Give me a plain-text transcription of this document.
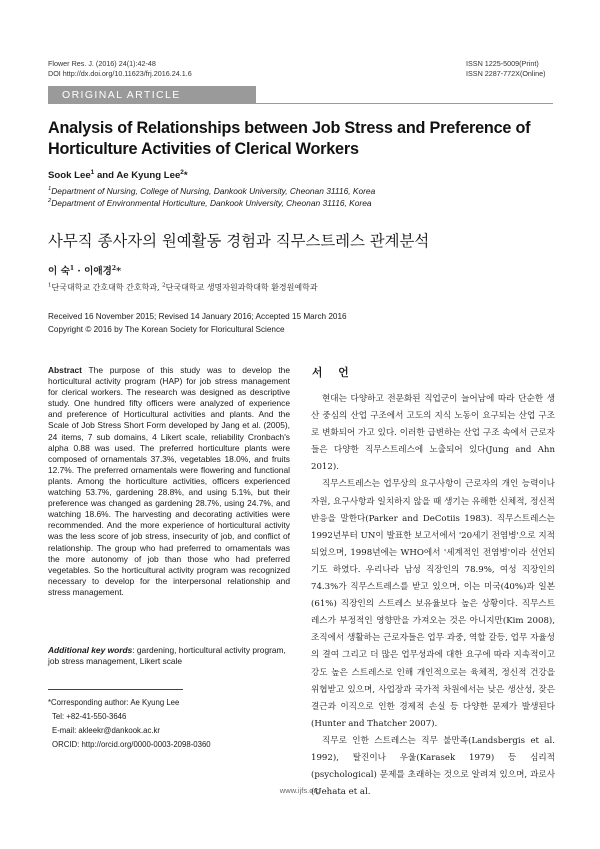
Flower Res. J. (2016) 24(1):42-48
DOI http://dx.doi.org/10.11623/frj.2016.24.1.6
ISSN 1225-5009(Print)
ISSN 2287-772X(Online)
ORIGINAL ARTICLE
Analysis of Relationships between Job Stress and Preference of Horticulture Activities of Clerical Workers
Sook Lee$^1$ and Ae Kyung Lee$^2$*
$^1$Department of Nursing, College of Nursing, Dankook University, Cheonan 31116, Korea
$^2$Department of Environmental Horticulture, Dankook University, Cheonan 31116, Korea
사무직 종사자의 원예활동 경험과 직무스트레스 관계분석
이 숙$^1$ · 이애경$^2$*
$^1$단국대학교 간호대학 간호학과, $^2$단국대학교 생명자원과학대학 환경원예학과
Received 16 November 2015; Revised 14 January 2016; Accepted 15 March 2016
Copyright © 2016 by The Korean Society for Floricultural Science
Abstract The purpose of this study was to develop the horticultural activity program (HAP) for job stress management for clerical workers. The research was designed as descriptive study. One hundred fifty officers were analyzed of experience and preference of Horticultural activities and plants. And the Scale of Job Stress Short Form developed by Jang et al. (2005), 24 items, 7 sub domains, 4 Likert scale, reliability Cronbach's alpha 0.88 was used. The preferred horticulture plants were composed of ornamentals 37.3%, vegetables 18.0%, and fruits 12.7%. The preferred ornamentals were flowering and functional plants. Among the horticulture activities, officers experienced watching 53.7%, gardening 28.8%, and using 5.1%, but their preference was changed as gardening 28.7%, using 24.7%, and watching 18.6%. The harvesting and decorating activities were recommended. And the more experience of horticultural activity was the less score of job stress, insecurity of job, and conflict of relationship. The group who had preferred to ornamentals was the more autonomy of job than those who had preferred vegetables. So the horticultural activity program was recognized necessary to develop for the interpersonal relationship and stress management.
Additional key words: gardening, horticultural activity program, job stress management, Likert scale
*Corresponding author: Ae Kyung Lee
Tel: +82-41-550-3646
E-mail: akleekr@dankook.ac.kr
ORCID: http://orcid.org/0000-0003-2098-0360
서 언

현대는 다양하고 전문화된 직업군이 늘어남에 따라 단순한 생산 중심의 산업 구조에서 고도의 지식 노동이 요구되는 산업 구조로 변화되어 가고 있다. 이러한 급변하는 산업 구조 속에서 근로자들은 다양한 직무스트레스에 노출되어 있다(Jung and Ahn 2012).

직무스트레스는 업무상의 요구사항이 근로자의 개인 능력이나 자원, 요구사항과 일치하지 않을 때 생기는 유해한 신체적, 정신적 반응을 말한다(Parker and DeCotiis 1983). 직무스트레스는 1992년부터 UN이 발표한 보고서에서 '20세기 전염병'으로 지적되었으며, 1998년에는 WHO에서 '세계적인 전염병'이라 선언되기도 하였다. 우리나라 남성 직장인의 78.9%, 여성 직장인의 74.3%가 직무스트레스를 받고 있으며, 이는 미국(40%)과 일본(61%) 직장인의 스트레스 보유율보다 높은 상황이다. 직무스트레스가 부정적인 영향만을 가져오는 것은 아니지만(Kim 2008), 조직에서 생활하는 근로자들은 업무 과중, 역할 갈등, 업무 자율성의 결여 그리고 더 많은 업무성과에 대한 요구에 따라 지속적이고 강도 높은 스트레스로 인해 개인적으로는 육체적, 정신적 건강을 위협받고 있으며, 사업장과 국가적 차원에서는 낮은 생산성, 잦은 결근과 이직으로 인한 경제적 손실 등 다양한 문제가 발생된다(Hunter and Thatcher 2007).

직무로 인한 스트레스는 직무 불만족(Landsbergis et al. 1992), 탈진이나 우울(Karasek 1979) 등 심리적(psychological) 문제를 초래하는 것으로 알려져 있으며, 과로사(Uehata et al.

www.ijfs.org
